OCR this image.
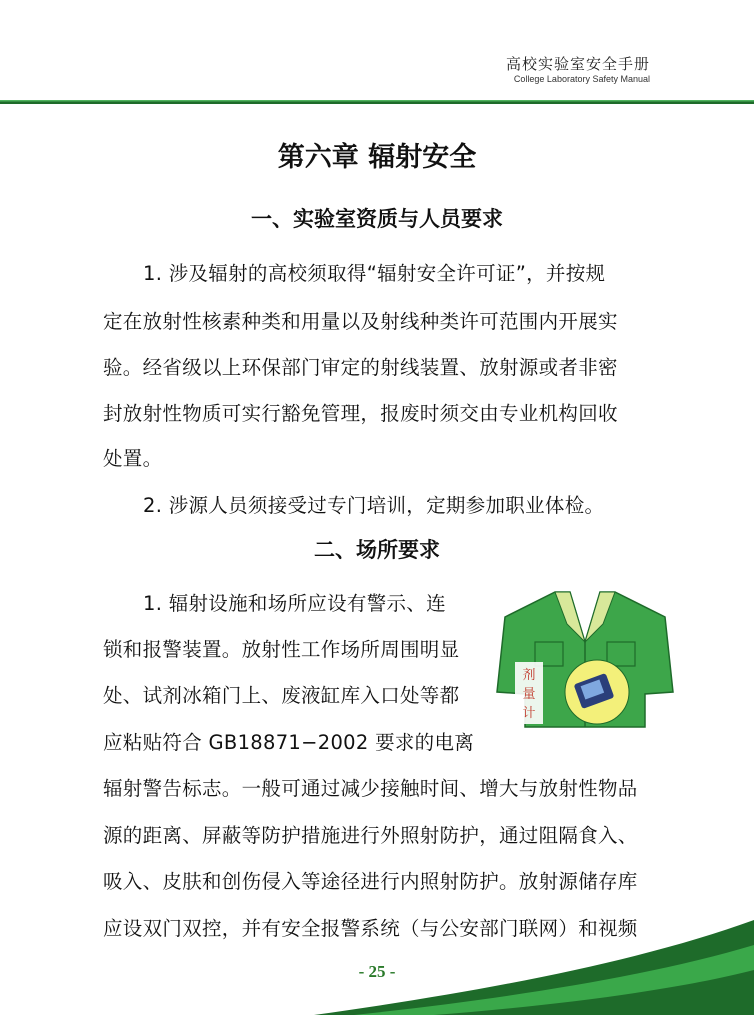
高校实验室安全手册
College Laboratory Safety Manual
第六章 辐射安全
一、实验室资质与人员要求
1. 涉及辐射的高校须取得“辐射安全许可证”，并按规
定在放射性核素种类和用量以及射线种类许可范围内开展实
验。经省级以上环保部门审定的射线装置、放射源或者非密
封放射性物质可实行豁免管理，报废时须交由专业机构回收
处置。
2. 涉源人员须接受过专门培训，定期参加职业体检。
二、场所要求
1. 辐射设施和场所应设有警示、连
锁和报警装置。放射性工作场所周围明显
处、试剂冰箱门上、废液缸库入口处等都
应粘贴符合 GB18871−2002 要求的电离
辐射警告标志。一般可通过减少接触时间、增大与放射性物品
源的距离、屏蔽等防护措施进行外照射防护，通过阻隔食入、
吸入、皮肤和创伤侵入等途径进行内照射防护。放射源储存库
应设双门双控，并有安全报警系统（与公安部门联网）和视频
剂
量
计
- 25 -
